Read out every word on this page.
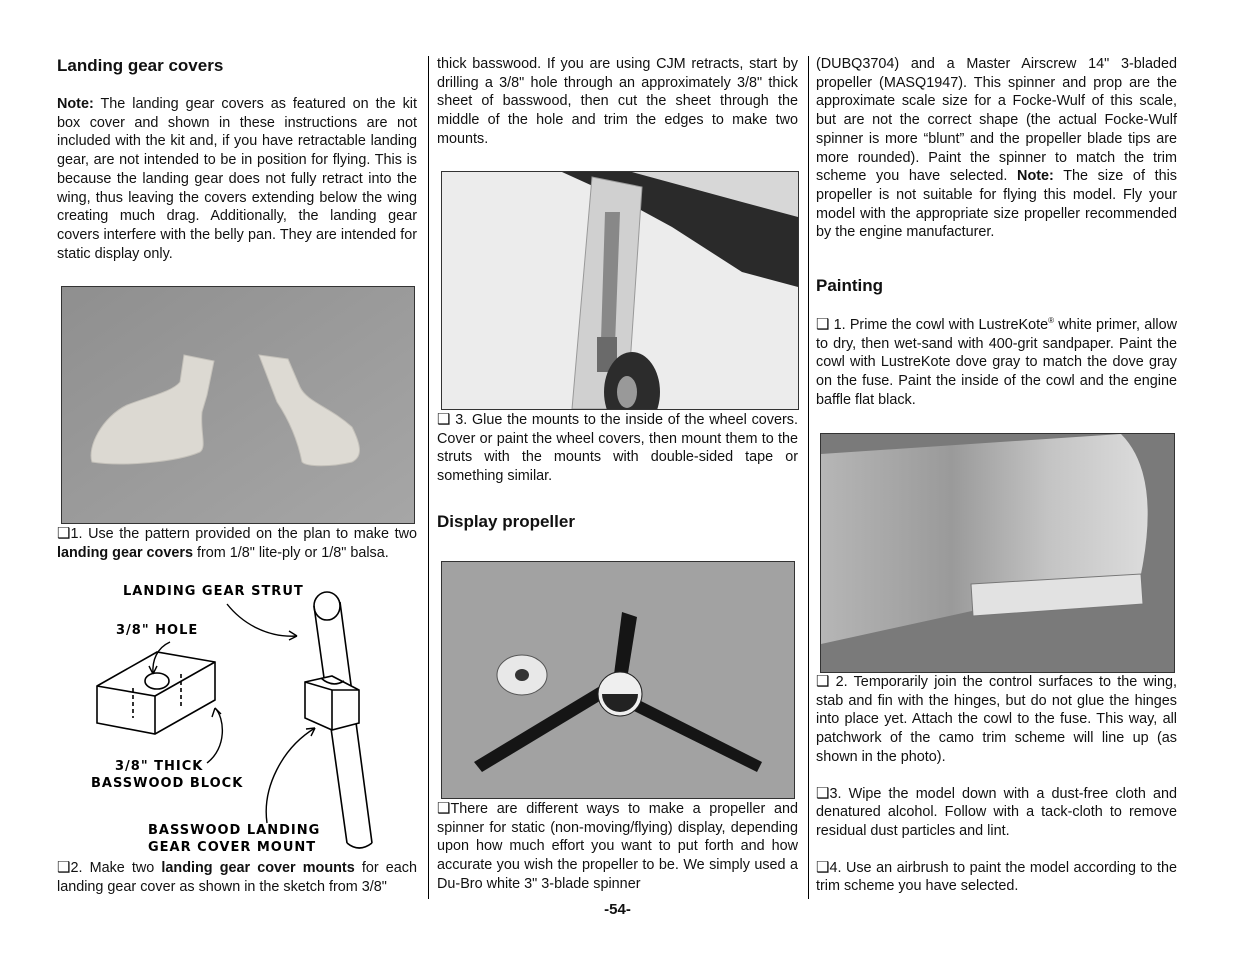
Landing gear covers

Note: The landing gear covers as featured on the kit box cover and shown in these instructions are not included with the kit and, if you have retractable landing gear, are not intended to be in position for flying. This is because the landing gear does not fully retract into the wing, thus leaving the covers extending below the wing creating much drag. Additionally, the landing gear covers interfere with the belly pan. They are intended for static display only.

❑1. Use the pattern provided on the plan to make two landing gear covers from 1/8" lite-ply or 1/8" balsa.

LANDING GEAR STRUT
3/8" HOLE
3/8" THICK
BASSWOOD BLOCK
BASSWOOD LANDING
GEAR COVER MOUNT

❑2. Make two landing gear cover mounts for each landing gear cover as shown in the sketch from 3/8"

thick basswood. If you are using CJM retracts, start by drilling a 3/8" hole through an approximately 3/8" thick sheet of basswood, then cut the sheet through the middle of the hole and trim the edges to make two mounts.

❑ 3. Glue the mounts to the inside of the wheel covers. Cover or paint the wheel covers, then mount them to the struts with the mounts with double-sided tape or something similar.

Display propeller

❑There are different ways to make a propeller and spinner for static (non-moving/flying) display, depending upon how much effort you want to put forth and how accurate you wish the propeller to be. We simply used a Du-Bro white 3" 3-blade spinner

(DUBQ3704) and a Master Airscrew 14" 3-bladed propeller (MASQ1947). This spinner and prop are the approximate scale size for a Focke-Wulf of this scale, but are not the correct shape (the actual Focke-Wulf spinner is more “blunt” and the propeller blade tips are more rounded). Paint the spinner to match the trim scheme you have selected. Note: The size of this propeller is not suitable for flying this model. Fly your model with the appropriate size propeller recommended by the engine manufacturer.

Painting

❑ 1. Prime the cowl with LustreKote® white primer, allow to dry, then wet-sand with 400-grit sandpaper. Paint the cowl with LustreKote dove gray to match the dove gray on the fuse. Paint the inside of the cowl and the engine baffle flat black.

❑ 2. Temporarily join the control surfaces to the wing, stab and fin with the hinges, but do not glue the hinges into place yet. Attach the cowl to the fuse. This way, all patchwork of the camo trim scheme will line up (as shown in the photo).

❑3. Wipe the model down with a dust-free cloth and denatured alcohol. Follow with a tack-cloth to remove residual dust particles and lint.

❑4. Use an airbrush to paint the model according to the trim scheme you have selected.

-54-
